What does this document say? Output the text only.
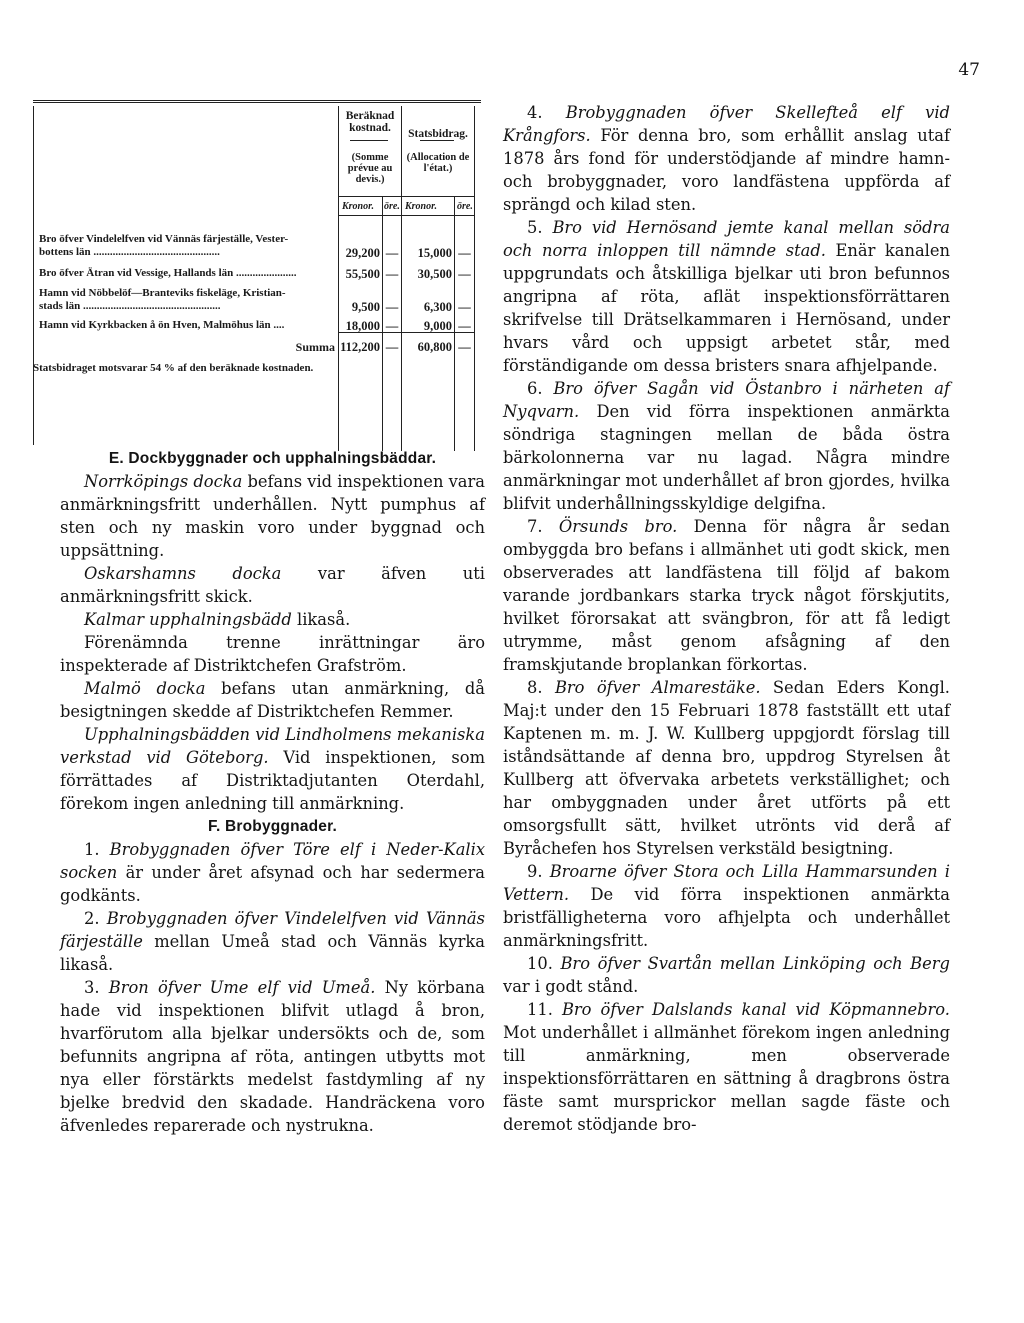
47
Beräknad kostnad.
(Somme prévue au devis.)
Statsbidrag.
(Allocation de l'état.)
Kronor. öre. Kronor. öre.
Bro öfver Vindelelfven vid Vännäs färjeställe, Vester-
bottens län ..............................................	29,200 —	15,000 —
Bro öfver Ätran vid Vessige, Hallands län ......................	55,500 —	30,500 —
Hamn vid Nöbbelöf—Branteviks fiskeläge, Kristian-
stads län ..................................................	9,500 —	6,300 —
Hamn vid Kyrkbacken å ön Hven, Malmöhus län ....	18,000 —	9,000 —
Summa 112,200 —	60,800 —
Statsbidraget motsvarar 54 % af den beräknade kostnaden.

E. Dockbyggnader och upphalningsbäddar.

Norrköpings docka befans vid inspektionen vara anmärkningsfritt underhållen. Nytt pumphus af sten och ny maskin voro under byggnad och uppsättning.

Oskarshamns docka var äfven uti anmärkningsfritt skick.

Kalmar upphalningsbädd likaså.

Förenämnda trenne inrättningar äro inspekterade af Distriktchefen Grafström.

Malmö docka befans utan anmärkning, då besigtningen skedde af Distriktchefen Remmer.

Upphalningsbädden vid Lindholmens mekaniska verkstad vid Göteborg. Vid inspektionen, som förrättades af Distriktadjutanten Oterdahl, förekom ingen anledning till anmärkning.

F. Brobyggnader.

1. Brobyggnaden öfver Töre elf i Neder-Kalix socken är under året afsynad och har sedermera godkänts.

2. Brobyggnaden öfver Vindelelfven vid Vännäs färjeställe mellan Umeå stad och Vännäs kyrka likaså.

3. Bron öfver Ume elf vid Umeå. Ny körbana hade vid inspektionen blifvit utlagd å bron, hvarförutom alla bjelkar undersökts och de, som befunnits angripna af röta, antingen utbytts mot nya eller förstärkts medelst fastdymling af ny bjelke bredvid den skadade. Handräckena voro äfvenledes reparerade och nystrukna.

4. Brobyggnaden öfver Skellefteå elf vid Krångfors. För denna bro, som erhållit anslag utaf 1878 års fond för understödjande af mindre hamn- och brobyggnader, voro landfästena uppförda af sprängd och kilad sten.

5. Bro vid Hernösand jemte kanal mellan södra och norra inloppen till nämnde stad. Enär kanalen uppgrundats och åtskilliga bjelkar uti bron befunnos angripna af röta, aflät inspektionsförrättaren skrifvelse till Drätselkammaren i Hernösand, under hvars vård och uppsigt arbetet står, med förständigande om dessa bristers snara afhjelpande.

6. Bro öfver Sagån vid Östanbro i närheten af Nyqvarn. Den vid förra inspektionen anmärkta söndriga stagningen mellan de båda östra bärkolonnerna var nu lagad. Några mindre anmärkningar mot underhållet af bron gjordes, hvilka blifvit underhållningsskyldige delgifna.

7. Örsunds bro. Denna för några år sedan ombyggda bro befans i allmänhet uti godt skick, men observerades att landfästena till följd af bakom varande jordbankars starka tryck något förskjutits, hvilket förorsakat att svängbron, för att få ledigt utrymme, måst genom afsågning af den framskjutande broplankan förkortas.

8. Bro öfver Almarestäke. Sedan Eders Kongl. Maj:t under den 15 Februari 1878 fastställt ett utaf Kaptenen m. m. J. W. Kullberg uppgjordt förslag till iståndsättande af denna bro, uppdrog Styrelsen åt Kullberg att öfvervaka arbetets verkställighet; och har ombyggnaden under året utförts på ett omsorgsfullt sätt, hvilket utrönts vid derå af Byråchefen hos Styrelsen verkstäld besigtning.

9. Broarne öfver Stora och Lilla Hammarsunden i Vettern. De vid förra inspektionen anmärkta bristfälligheterna voro afhjelpta och underhållet anmärkningsfritt.

10. Bro öfver Svartån mellan Linköping och Berg var i godt stånd.

11. Bro öfver Dalslands kanal vid Köpmannebro. Mot underhållet i allmänhet förekom ingen anledning till anmärkning, men observerade inspektionsförrättaren en sättning å dragbrons östra fäste samt mursprickor mellan sagde fäste och deremot stödjande bro-
